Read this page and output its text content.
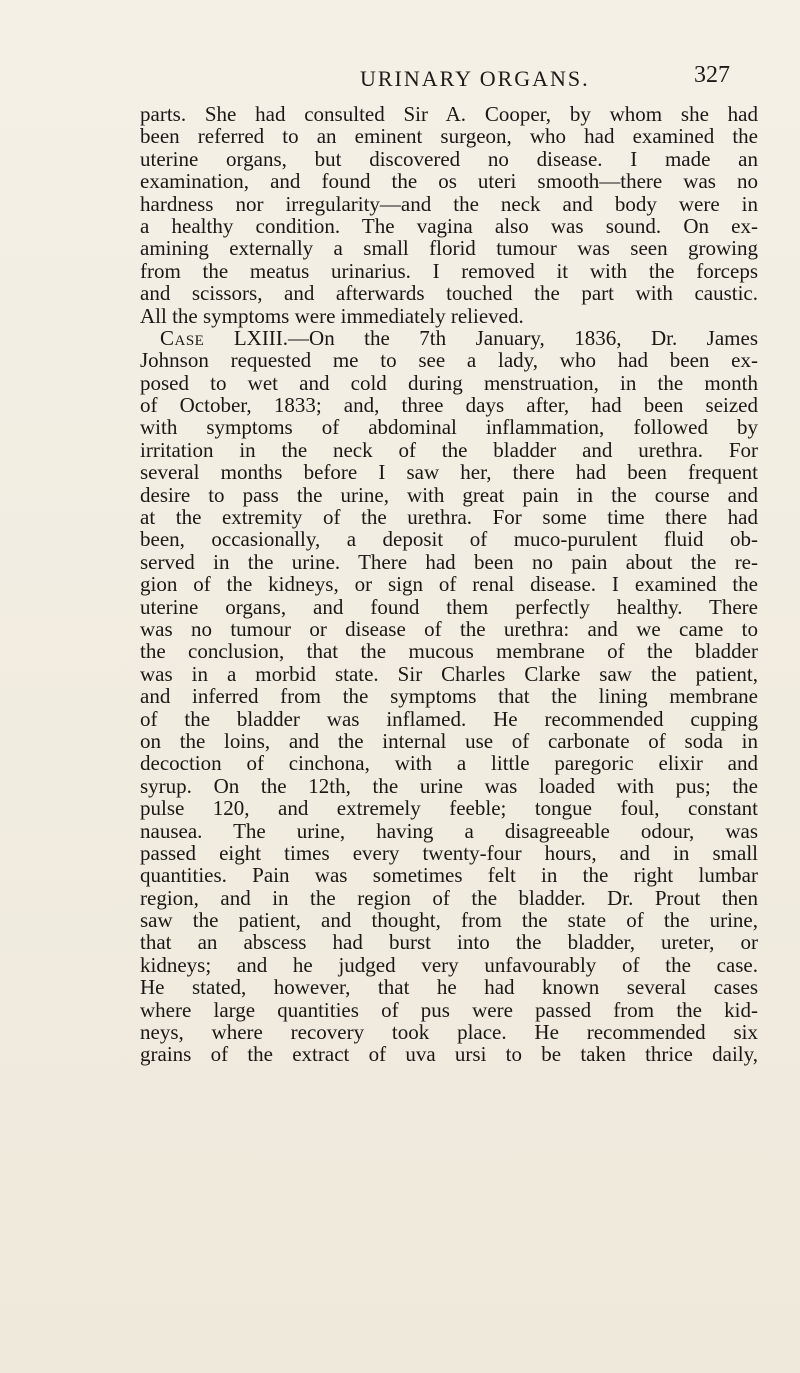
URINARY ORGANS.	327
parts. She had consulted Sir A. Cooper, by whom she had
been referred to an eminent surgeon, who had examined the
uterine organs, but discovered no disease. I made an
examination, and found the os uteri smooth—there was no
hardness nor irregularity—and the neck and body were in
a healthy condition. The vagina also was sound. On ex-
amining externally a small florid tumour was seen growing
from the meatus urinarius. I removed it with the forceps
and scissors, and afterwards touched the part with caustic.
All the symptoms were immediately relieved.
Case LXIII.—On the 7th January, 1836, Dr. James
Johnson requested me to see a lady, who had been ex-
posed to wet and cold during menstruation, in the month
of October, 1833; and, three days after, had been seized
with symptoms of abdominal inflammation, followed by
irritation in the neck of the bladder and urethra. For
several months before I saw her, there had been frequent
desire to pass the urine, with great pain in the course and
at the extremity of the urethra. For some time there had
been, occasionally, a deposit of muco-purulent fluid ob-
served in the urine. There had been no pain about the re-
gion of the kidneys, or sign of renal disease. I examined the
uterine organs, and found them perfectly healthy. There
was no tumour or disease of the urethra: and we came to
the conclusion, that the mucous membrane of the bladder
was in a morbid state. Sir Charles Clarke saw the patient,
and inferred from the symptoms that the lining membrane
of the bladder was inflamed. He recommended cupping
on the loins, and the internal use of carbonate of soda in
decoction of cinchona, with a little paregoric elixir and
syrup. On the 12th, the urine was loaded with pus; the
pulse 120, and extremely feeble; tongue foul, constant
nausea. The urine, having a disagreeable odour, was
passed eight times every twenty-four hours, and in small
quantities. Pain was sometimes felt in the right lumbar
region, and in the region of the bladder. Dr. Prout then
saw the patient, and thought, from the state of the urine,
that an abscess had burst into the bladder, ureter, or
kidneys; and he judged very unfavourably of the case.
He stated, however, that he had known several cases
where large quantities of pus were passed from the kid-
neys, where recovery took place. He recommended six
grains of the extract of uva ursi to be taken thrice daily,
